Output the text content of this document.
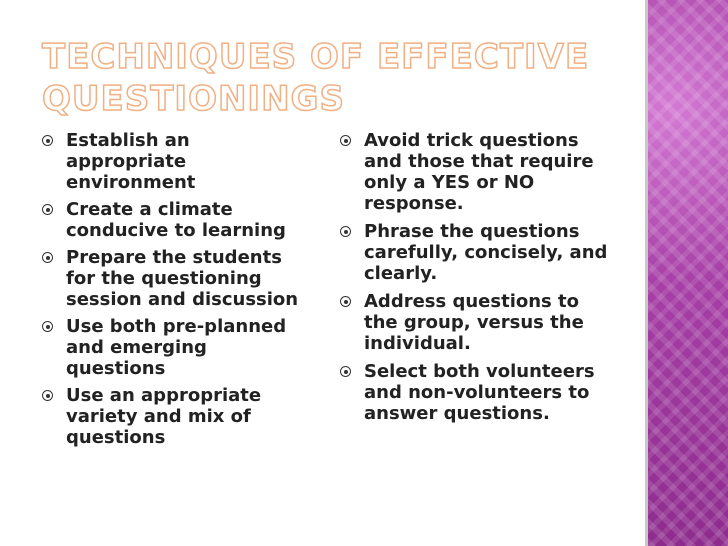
TECHNIQUES OF EFFECTIVE QUESTIONINGS
Establish an appropriate environment
Create a climate conducive to learning
Prepare the students for the questioning session and discussion
Use both pre-planned and emerging questions
Use an appropriate variety and mix of questions
Avoid trick questions and those that require only a YES or NO response.
Phrase the questions carefully, concisely, and clearly.
Address questions to the group, versus the individual.
Select both volunteers and non-volunteers to answer questions.
